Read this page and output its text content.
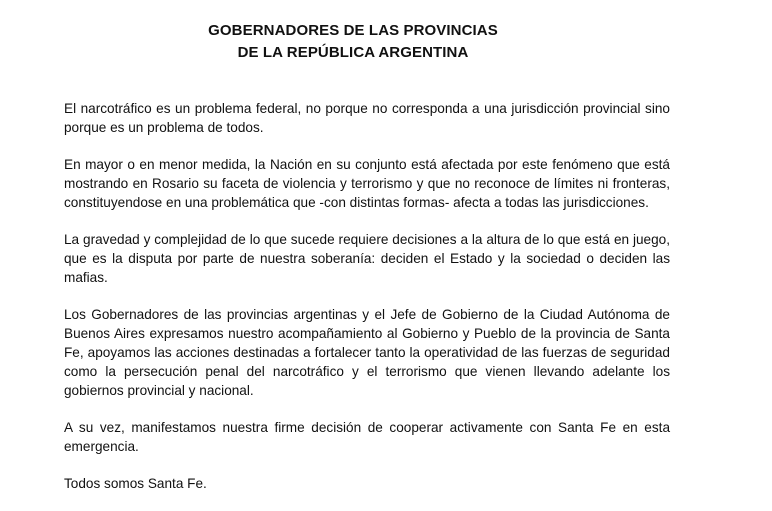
GOBERNADORES DE LAS PROVINCIAS
DE LA REPÚBLICA ARGENTINA

El narcotráfico es un problema federal, no porque no corresponda a una jurisdicción provincial sino porque es un problema de todos.

En mayor o en menor medida, la Nación en su conjunto está afectada por este fenómeno que está mostrando en Rosario su faceta de violencia y terrorismo y que no reconoce de límites ni fronteras, constituyendose en una problemática que -con distintas formas- afecta a todas las jurisdicciones.

La gravedad y complejidad de lo que sucede requiere decisiones a la altura de lo que está en juego, que es la disputa por parte de nuestra soberanía: deciden el Estado y la sociedad o deciden las mafias.

Los Gobernadores de las provincias argentinas y el Jefe de Gobierno de la Ciudad Autónoma de Buenos Aires expresamos nuestro acompañamiento al Gobierno y Pueblo de la provincia de Santa Fe, apoyamos las acciones destinadas a fortalecer tanto la operatividad de las fuerzas de seguridad como la persecución penal del narcotráfico y el terrorismo que vienen llevando adelante los gobiernos provincial y nacional.

A su vez, manifestamos nuestra firme decisión de cooperar activamente con Santa Fe en esta emergencia.

Todos somos Santa Fe.
